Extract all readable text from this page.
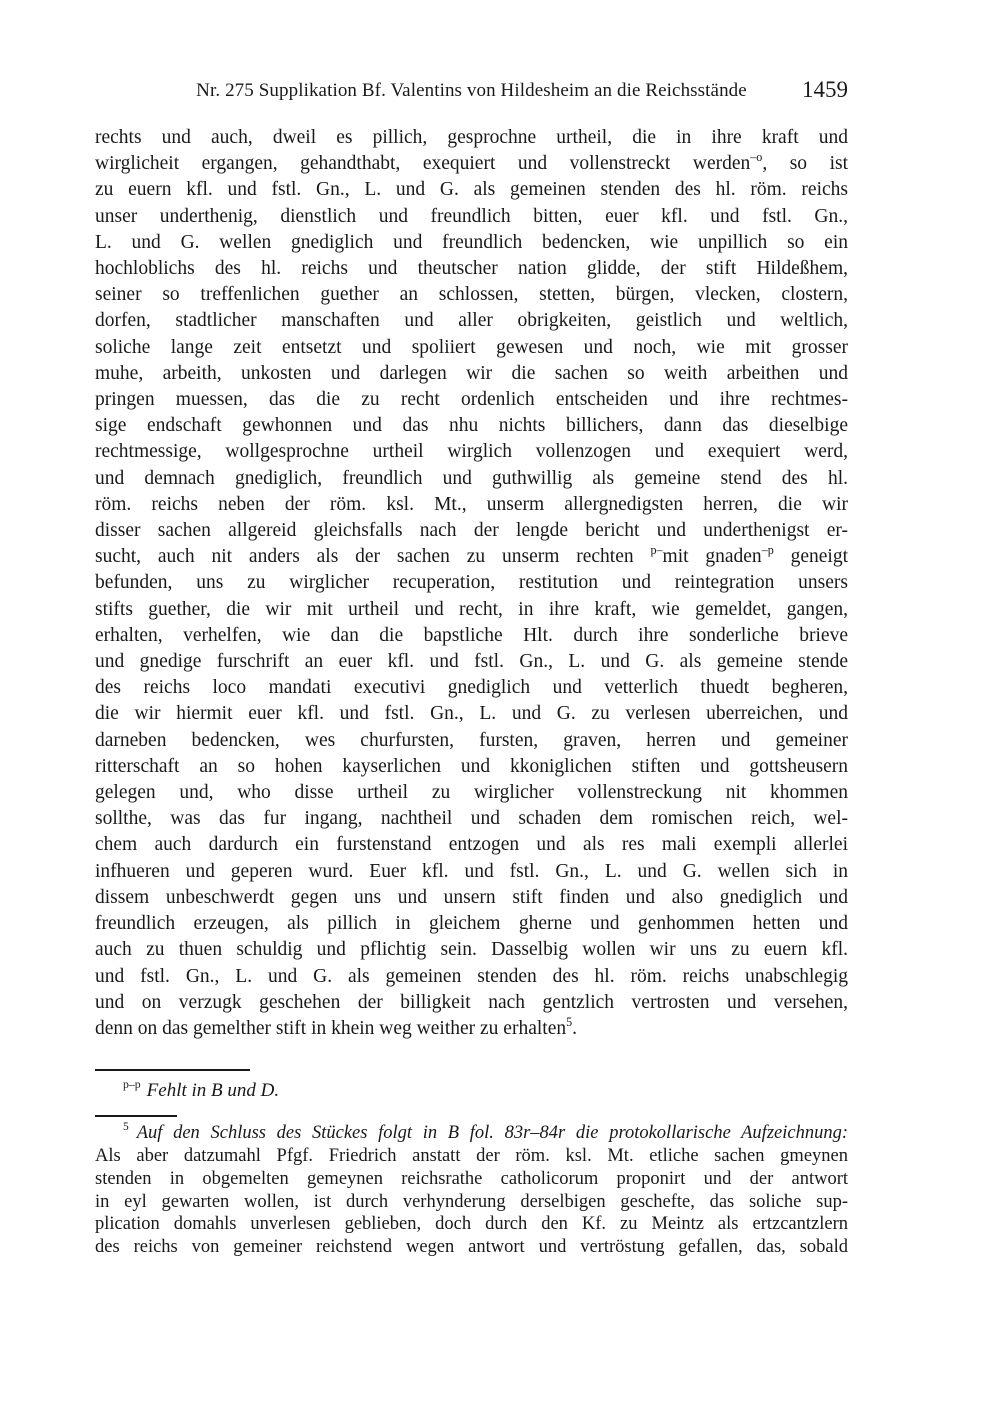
Nr. 275 Supplikation Bf. Valentins von Hildesheim an die Reichsstände	1459
rechts und auch, dweil es pillich, gesprochne urtheil, die in ihre kraft und
wirglicheit ergangen, gehandthabt, exequiert und vollenstreckt werden$^{-o}$, so ist
zu euern kfl. und fstl. Gn., L. und G. als gemeinen stenden des hl. röm. reichs
unser underthenig, dienstlich und freundlich bitten, euer kfl. und fstl. Gn.,
L. und G. wellen gnediglich und freundlich bedencken, wie unpillich so ein
hochloblichs des hl. reichs und theutscher nation glidde, der stift Hildeßhem,
seiner so treffenlichen guether an schlossen, stetten, bürgen, vlecken, clostern,
dorfen, stadtlicher manschaften und aller obrigkeiten, geistlich und weltlich,
soliche lange zeit entsetzt und spoliiert gewesen und noch, wie mit grosser
muhe, arbeith, unkosten und darlegen wir die sachen so weith arbeithen und
pringen muessen, das die zu recht ordenlich entscheiden und ihre rechtmes-
sige endschaft gewhonnen und das nhu nichts billichers, dann das dieselbige
rechtmessige, wollgesprochne urtheil wirglich vollenzogen und exequiert werd,
und demnach gnediglich, freundlich und guthwillig als gemeine stend des hl.
röm. reichs neben der röm. ksl. Mt., unserm allergnedigsten herren, die wir
disser sachen allgereid gleichsfalls nach der lengde bericht und underthenigst er-
sucht, auch nit anders als der sachen zu unserm rechten $^{p-}$mit gnaden$^{-p}$ geneigt
befunden, uns zu wirglicher recuperation, restitution und reintegration unsers
stifts guether, die wir mit urtheil und recht, in ihre kraft, wie gemeldet, gangen,
erhalten, verhelfen, wie dan die bapstliche Hlt. durch ihre sonderliche brieve
und gnedige furschrift an euer kfl. und fstl. Gn., L. und G. als gemeine stende
des reichs loco mandati executivi gnediglich und vetterlich thuedt begheren,
die wir hiermit euer kfl. und fstl. Gn., L. und G. zu verlesen uberreichen, und
darneben bedencken, wes churfursten, fursten, graven, herren und gemeiner
ritterschaft an so hohen kayserlichen und kkoniglichen stiften und gottsheusern
gelegen und, who disse urtheil zu wirglicher vollenstreckung nit khommen
sollthe, was das fur ingang, nachtheil und schaden dem romischen reich, wel-
chem auch dardurch ein furstenstand entzogen und als res mali exempli allerlei
infhueren und geperen wurd. Euer kfl. und fstl. Gn., L. und G. wellen sich in
dissem unbeschwerdt gegen uns und unsern stift finden und also gnediglich und
freundlich erzeugen, als pillich in gleichem gherne und genhommen hetten und
auch zu thuen schuldig und pflichtig sein. Dasselbig wollen wir uns zu euern kfl.
und fstl. Gn., L. und G. als gemeinen stenden des hl. röm. reichs unabschlegig
und on verzugk geschehen der billigkeit nach gentzlich vertrosten und versehen,
denn on das gemelther stift in khein weg weither zu erhalten$^5$.
$^{p-p}$ Fehlt in B und D.
$^5$ Auf den Schluss des Stückes folgt in B fol. 83r–84r die protokollarische Aufzeichnung:
Als aber datzumahl Pfgf. Friedrich anstatt der röm. ksl. Mt. etliche sachen gmeynen
stenden in obgemelten gemeynen reichsrathe catholicorum proponirt und der antwort
in eyl gewarten wollen, ist durch verhynderung derselbigen geschefte, das soliche sup-
plication domahls unverlesen geblieben, doch durch den Kf. zu Meintz als ertzcantzlern
des reichs von gemeiner reichstend wegen antwort und vertröstung gefallen, das, sobald
